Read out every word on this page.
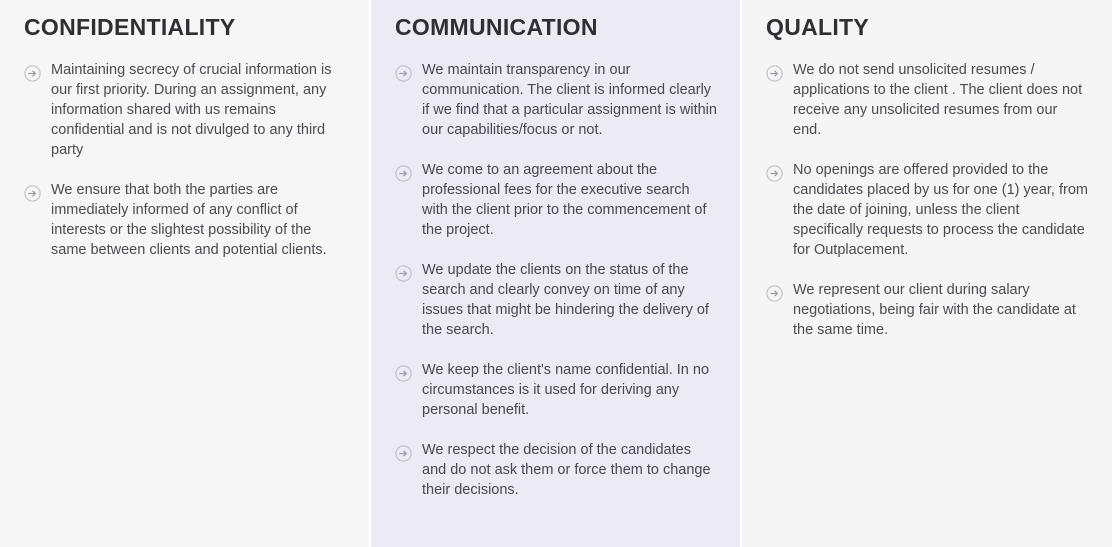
CONFIDENTIALITY
Maintaining secrecy of crucial information is our first priority. During an assignment, any information shared with us remains confidential and is not divulged to any third party
We ensure that both the parties are immediately informed of any conflict of interests or the slightest possibility of the same between clients and potential clients.
COMMUNICATION
We maintain transparency in our communication. The client is informed clearly if we find that a particular assignment is within our capabilities/focus or not.
We come to an agreement about the professional fees for the executive search with the client prior to the commencement of the project.
We update the clients on the status of the search and clearly convey on time of any issues that might be hindering the delivery of the search.
We keep the client's name confidential. In no circumstances is it used for deriving any personal benefit.
We respect the decision of the candidates and do not ask them or force them to change their decisions.
QUALITY
We do not send unsolicited resumes / applications to the client . The client does not receive any unsolicited resumes from our end.
No openings are offered provided to the candidates placed by us for one (1) year, from the date of joining, unless the client specifically requests to process the candidate for Outplacement.
We represent our client during salary negotiations, being fair with the candidate at the same time.
